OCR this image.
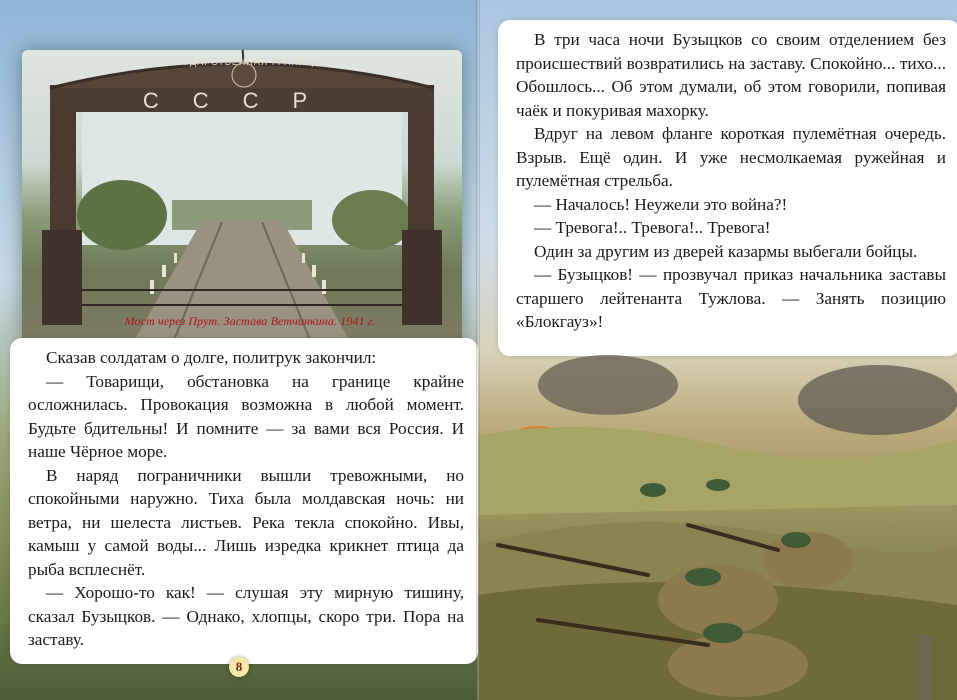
ГОСУДАРСТВЕННАЯ ГРАНИЦА
СССР
Мост через Прут. Застава Ветчинкина. 1941 г.

Сказав солдатам о долге, политрук закончил:

— Товарищи, обстановка на границе крайне осложнилась. Провокация возможна в любой момент. Будьте бдительны! И помните — за вами вся Россия. И наше Чёрное море.

В наряд пограничники вышли тревожными, но спокойными наружно. Тиха была молдавская ночь: ни ветра, ни шелеста листьев. Река текла спокойно. Ивы, камыш у самой воды... Лишь изредка крикнет птица да рыба всплеснёт.

— Хорошо-то как! — слушая эту мирную тишину, сказал Бузыцков. — Однако, хлопцы, скоро три. Пора на заставу.

8

В три часа ночи Бузыцков со своим отделением без происшествий возвратились на заставу. Спокойно... тихо... Обошлось... Об этом думали, об этом говорили, попивая чаёк и покуривая махорку.

Вдруг на левом фланге короткая пулемётная очередь. Взрыв. Ещё один. И уже несмолкаемая ружейная и пулемётная стрельба.

— Началось! Неужели это война?!

— Тревога!.. Тревога!.. Тревога!

Один за другим из дверей казармы выбегали бойцы.

— Бузыцков! — прозвучал приказ начальника заставы старшего лейтенанта Тужлова. — Занять позицию «Блокгауз»!
